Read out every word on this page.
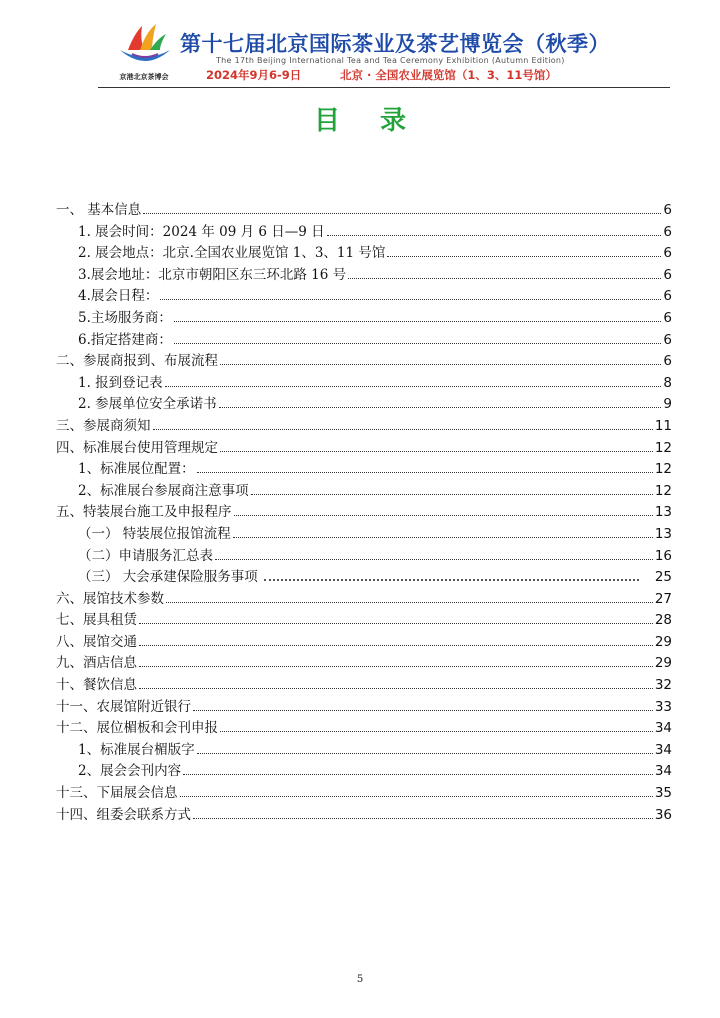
京港北京茶博会
第十七届北京国际茶业及茶艺博览会（秋季）
The 17th Beijing International Tea and Tea Ceremony Exhibition (Autumn Edition)
2024年9月6-9日	北京 · 全国农业展览馆（1、3、11号馆）
目录
一、 基本信息	6
1. 展会时间：2024 年 09 月 6 日—9 日	6
2. 展会地点：北京.全国农业展览馆 1、3、11 号馆	6
3.展会地址：北京市朝阳区东三环北路 16 号	6
4.展会日程：	6
5.主场服务商：	6
6.指定搭建商：	6
二、参展商报到、布展流程	6
1. 报到登记表	8
2. 参展单位安全承诺书	9
三、参展商须知	11
四、标准展台使用管理规定	12
1、标准展位配置：	12
2、标准展台参展商注意事项	12
五、特装展台施工及申报程序	13
（一） 特装展位报馆流程	13
（二）申请服务汇总表	16
（三） 大会承建保险服务事项	25
六、展馆技术参数	27
七、展具租赁	28
八、展馆交通	29
九、酒店信息	29
十、餐饮信息	32
十一、农展馆附近银行	33
十二、展位楣板和会刊申报	34
1、标准展台楣版字	34
2、展会会刊内容	34
十三、下届展会信息	35
十四、组委会联系方式	36
5
